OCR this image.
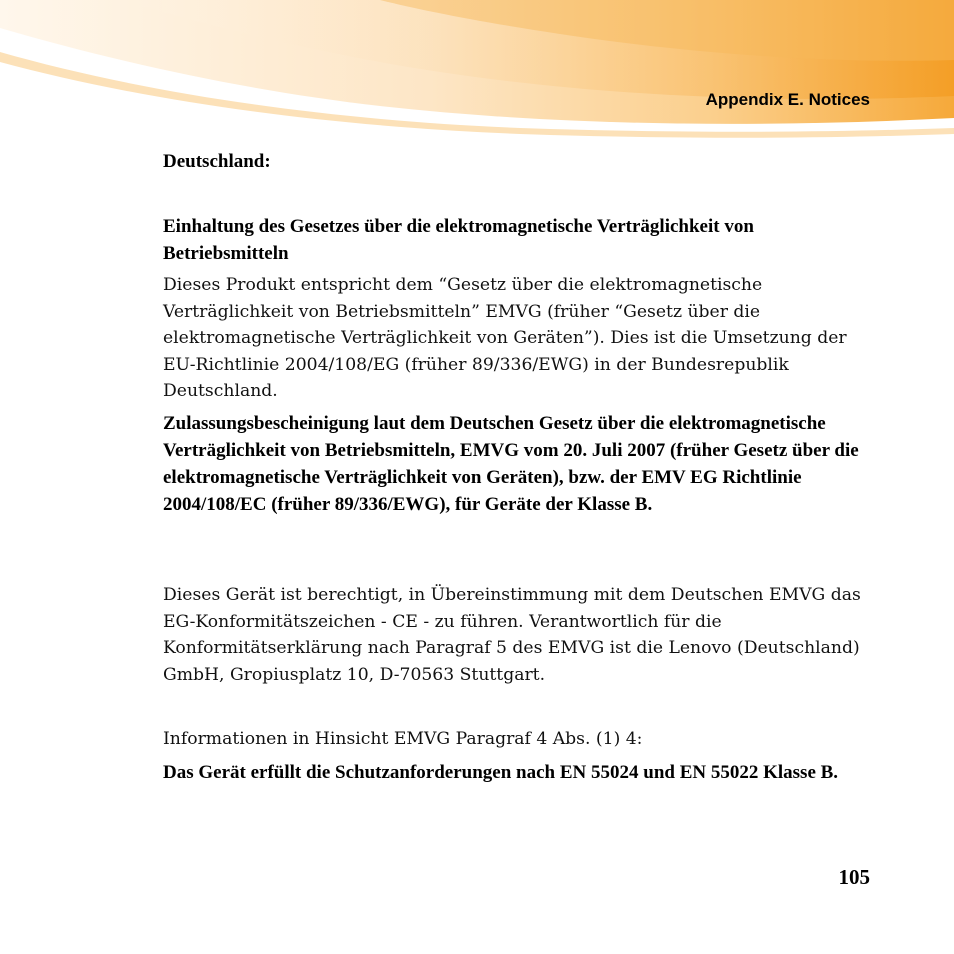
Appendix E. Notices

Deutschland:

Einhaltung des Gesetzes über die elektromagnetische Verträglichkeit von Betriebsmitteln

Dieses Produkt entspricht dem “Gesetz über die elektromagnetische Verträglichkeit von Betriebsmitteln” EMVG (früher “Gesetz über die elektromagnetische Verträglichkeit von Geräten”). Dies ist die Umsetzung der EU-Richtlinie 2004/108/EG (früher 89/336/EWG) in der Bundesrepublik Deutschland.

Zulassungsbescheinigung laut dem Deutschen Gesetz über die elektromagnetische Verträglichkeit von Betriebsmitteln, EMVG vom 20. Juli 2007 (früher Gesetz über die elektromagnetische Verträglichkeit von Geräten), bzw. der EMV EG Richtlinie 2004/108/EC (früher 89/336/EWG), für Geräte der Klasse B.

Dieses Gerät ist berechtigt, in Übereinstimmung mit dem Deutschen EMVG das EG-Konformitätszeichen - CE - zu führen. Verantwortlich für die Konformitätserklärung nach Paragraf 5 des EMVG ist die Lenovo (Deutschland) GmbH, Gropiusplatz 10, D-70563 Stuttgart.

Informationen in Hinsicht EMVG Paragraf 4 Abs. (1) 4:

Das Gerät erfüllt die Schutzanforderungen nach EN 55024 und EN 55022 Klasse B.

105
